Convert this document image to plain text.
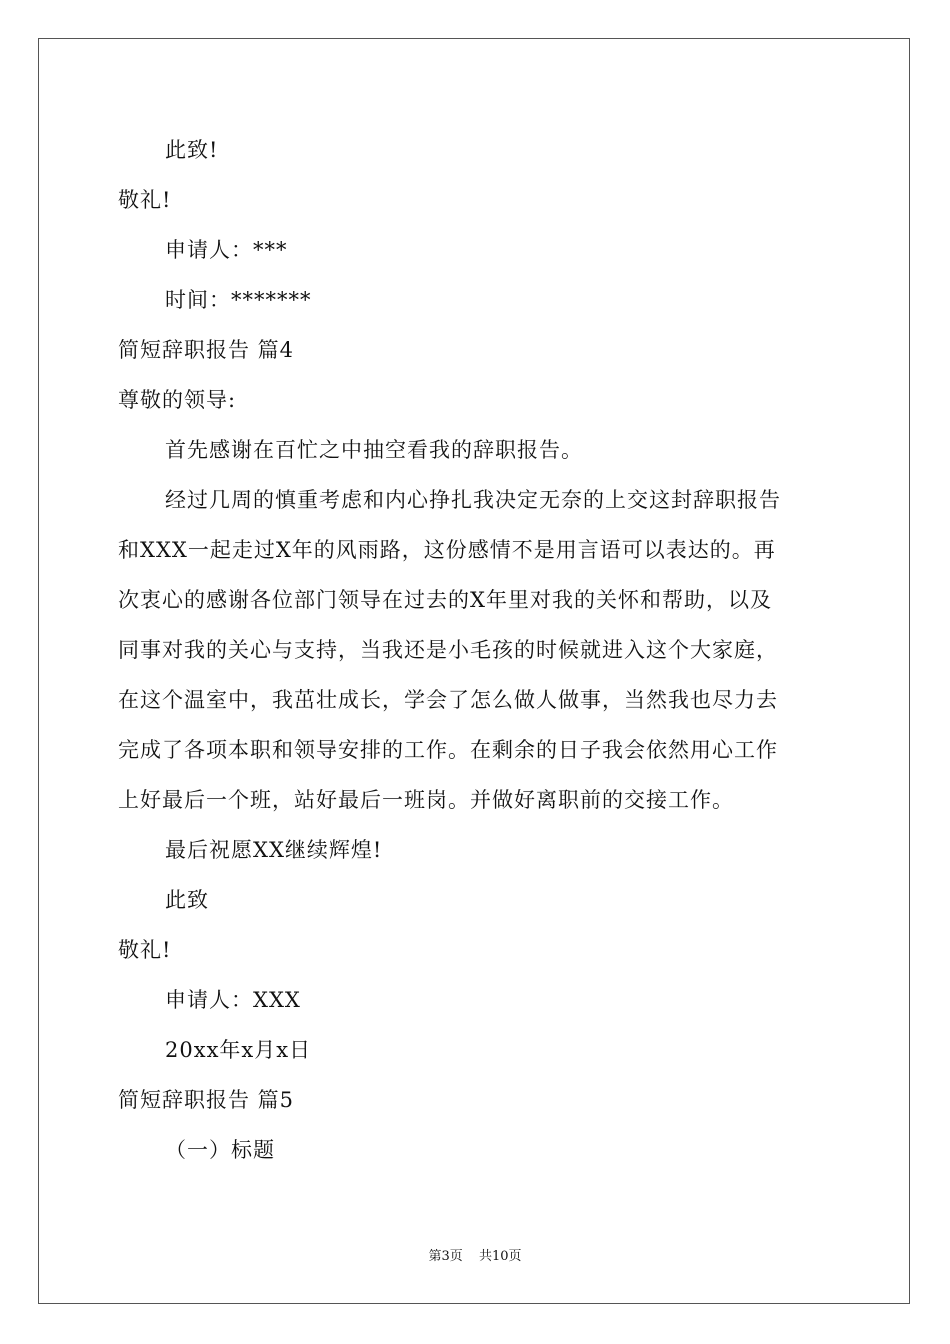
此致!
敬礼!
申请人：***
时间：*******
简短辞职报告 篇4
尊敬的领导:
首先感谢在百忙之中抽空看我的辞职报告。
经过几周的慎重考虑和内心挣扎我决定无奈的上交这封辞职报告
和XXX一起走过X年的风雨路，这份感情不是用言语可以表达的。再
次衷心的感谢各位部门领导在过去的X年里对我的关怀和帮助，以及
同事对我的关心与支持，当我还是小毛孩的时候就进入这个大家庭，
在这个温室中，我茁壮成长，学会了怎么做人做事，当然我也尽力去
完成了各项本职和领导安排的工作。在剩余的日子我会依然用心工作
上好最后一个班，站好最后一班岗。并做好离职前的交接工作。
最后祝愿XX继续辉煌!
此致
敬礼!
申请人：XXX
20xx年x月x日
简短辞职报告 篇5
（一）标题
第3页 共10页
